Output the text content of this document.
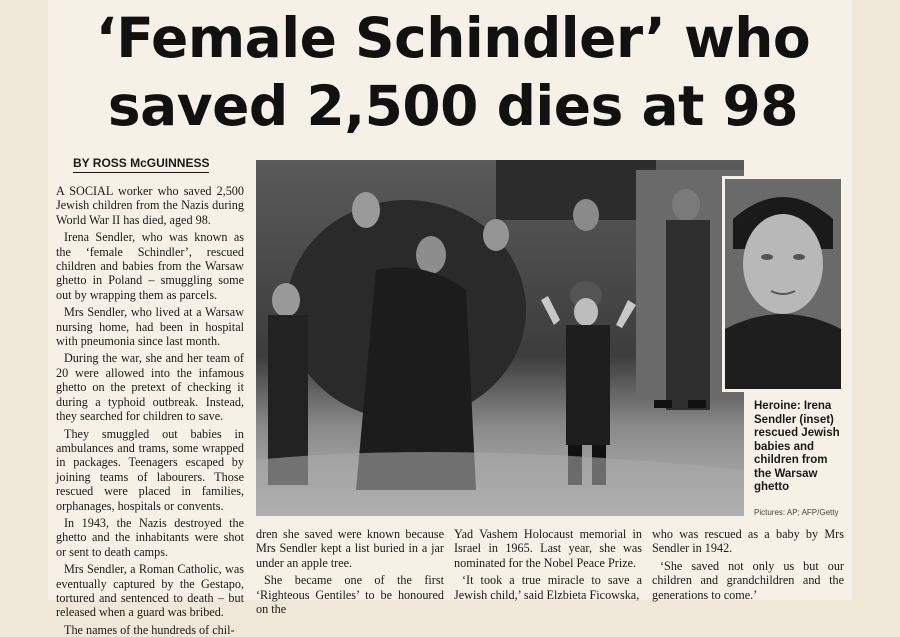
‘Female Schindler’ who
saved 2,500 dies at 98
BY ROSS McGUINNESS

A SOCIAL worker who saved 2,500 Jewish children from the Nazis during World War II has died, aged 98.

Irena Sendler, who was known as the ‘female Schindler’, rescued children and babies from the Warsaw ghetto in Poland – smuggling some out by wrapping them as parcels.

Mrs Sendler, who lived at a Warsaw nursing home, had been in hospital with pneumonia since last month.

During the war, she and her team of 20 were allowed into the infamous ghetto on the pretext of checking it during a typhoid outbreak. Instead, they searched for children to save.

They smuggled out babies in ambulances and trams, some wrapped in packages. Teenagers escaped by joining teams of labourers. Those rescued were placed in families, orphanages, hospitals or convents.

In 1943, the Nazis destroyed the ghetto and the inhabitants were shot or sent to death camps.

Mrs Sendler, a Roman Catholic, was eventually captured by the Gestapo, tortured and sentenced to death – but released when a guard was bribed.

The names of the hundreds of chil-

Heroine: Irena Sendler (inset) rescued Jewish babies and children from the Warsaw ghetto
Pictures: AP; AFP/Getty

dren she saved were known because Mrs Sendler kept a list buried in a jar under an apple tree.

She became one of the first ‘Righteous Gentiles’ to be honoured on the

Yad Vashem Holocaust memorial in Israel in 1965. Last year, she was nominated for the Nobel Peace Prize.

‘It took a true miracle to save a Jewish child,’ said Elzbieta Ficowska,

who was rescued as a baby by Mrs Sendler in 1942.

‘She saved not only us but our children and grandchildren and the generations to come.’
